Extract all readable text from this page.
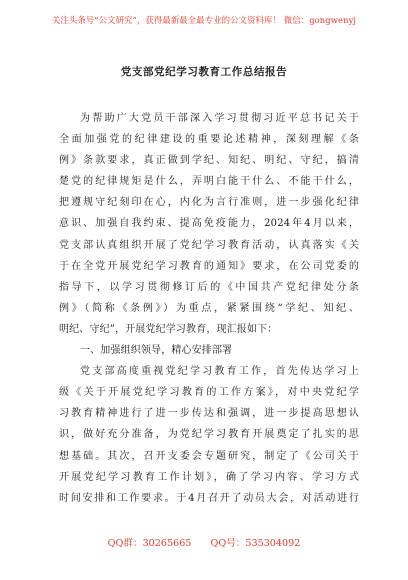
关注头条号“公文研究”，获得最新最全最专业的公文资料库！ 微信：gongwenyj
党支部党纪学习教育工作总结报告

为帮助广大党员干部深入学习贯彻习近平总书记关于

全面加强党的纪律建设的重要论述精神，深刻理解《条

例》条款要求，真正做到学纪、知纪、明纪、守纪，搞清

楚党的纪律规矩是什么，弄明白能干什么、不能干什么，

把遵规守纪刻印在心，内化为言行准则，进一步强化纪律

意识、加强自我约束、提高免疫能力，2024年4月以来，

党支部认真组织开展了党纪学习教育活动，认真落实《关

于在全党开展党纪学习教育的通知》要求，在公司党委的

指导下，以学习贯彻修订后的《中国共产党纪律处分条

例》（简称《条例》）为重点，紧紧围绕“学纪、知纪、

明纪、守纪”，开展党纪学习教育，现汇报如下：

一、加强组织领导，精心安排部署

党支部高度重视党纪学习教育工作，首先传达学习上

级《关于开展党纪学习教育的工作方案》，对中央党纪学

习教育精神进行了进一步传达和强调，进一步提高思想认

识，做好充分准备，为党纪学习教育开展奠定了扎实的思

想基础。其次，召开支委会专题研究，制定了《公司关于

开展党纪学习教育工作计划》，确了学习内容、学习方式

时间安排和工作要求。于4月召开了动员大会，对活动进行

QQ群：30265665 QQ号：535304092
